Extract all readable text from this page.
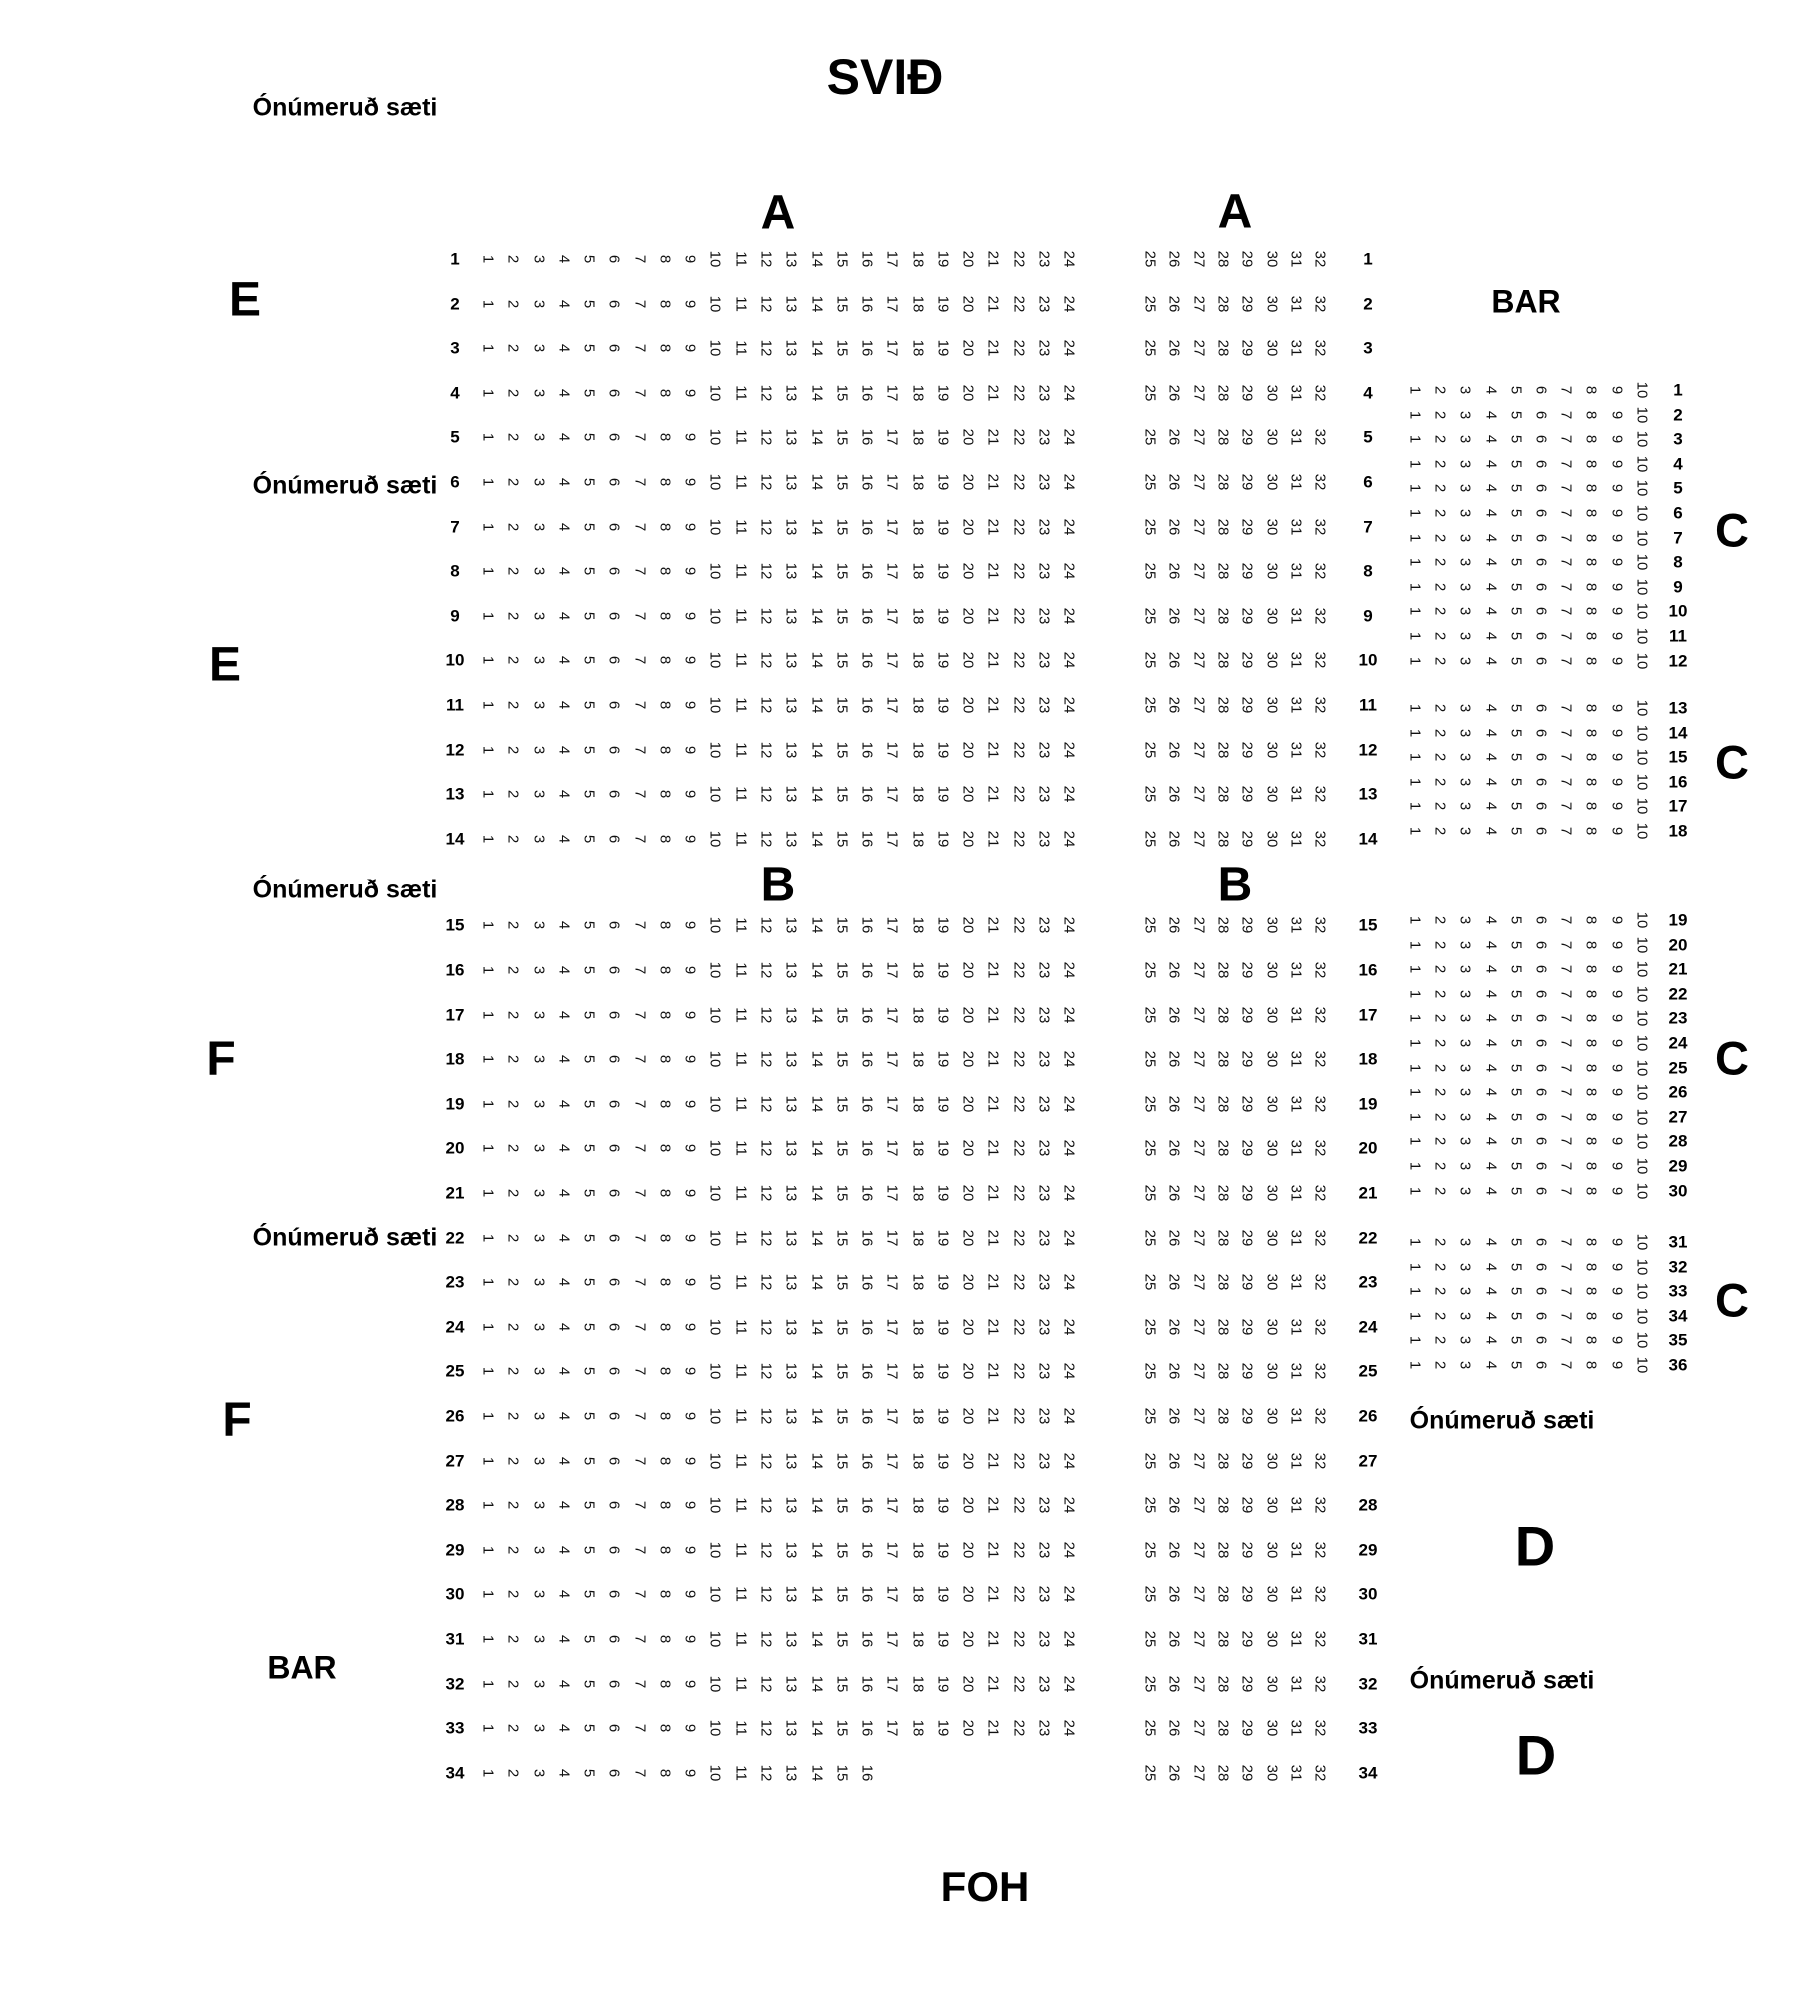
SVIÐ
Ónúmeruð sæti
Ónúmeruð sæti
Ónúmeruð sæti
Ónúmeruð sæti
Ónúmeruð sæti
Ónúmeruð sæti
A	A
B	B
C
C
C
C
D
D
E
E
F
F
BAR
BAR
FOH
1 1 2 3 4 5 6 7 8 9 10 11 12 13 14 15 16 17 18 19 20 21 22 23 24	25 26 27 28 29 30 31 32 1
2 1 2 3 4 5 6 7 8 9 10 11 12 13 14 15 16 17 18 19 20 21 22 23 24	25 26 27 28 29 30 31 32 2
3 1 2 3 4 5 6 7 8 9 10 11 12 13 14 15 16 17 18 19 20 21 22 23 24	25 26 27 28 29 30 31 32 3
4 1 2 3 4 5 6 7 8 9 10 11 12 13 14 15 16 17 18 19 20 21 22 23 24	25 26 27 28 29 30 31 32 4
5 1 2 3 4 5 6 7 8 9 10 11 12 13 14 15 16 17 18 19 20 21 22 23 24	25 26 27 28 29 30 31 32 5
6 1 2 3 4 5 6 7 8 9 10 11 12 13 14 15 16 17 18 19 20 21 22 23 24	25 26 27 28 29 30 31 32 6
7 1 2 3 4 5 6 7 8 9 10 11 12 13 14 15 16 17 18 19 20 21 22 23 24	25 26 27 28 29 30 31 32 7
8 1 2 3 4 5 6 7 8 9 10 11 12 13 14 15 16 17 18 19 20 21 22 23 24	25 26 27 28 29 30 31 32 8
9 1 2 3 4 5 6 7 8 9 10 11 12 13 14 15 16 17 18 19 20 21 22 23 24	25 26 27 28 29 30 31 32 9
10 1 2 3 4 5 6 7 8 9 10 11 12 13 14 15 16 17 18 19 20 21 22 23 24	25 26 27 28 29 30 31 32 10
11 1 2 3 4 5 6 7 8 9 10 11 12 13 14 15 16 17 18 19 20 21 22 23 24	25 26 27 28 29 30 31 32 11
12 1 2 3 4 5 6 7 8 9 10 11 12 13 14 15 16 17 18 19 20 21 22 23 24	25 26 27 28 29 30 31 32 12
13 1 2 3 4 5 6 7 8 9 10 11 12 13 14 15 16 17 18 19 20 21 22 23 24	25 26 27 28 29 30 31 32 13
14 1 2 3 4 5 6 7 8 9 10 11 12 13 14 15 16 17 18 19 20 21 22 23 24	25 26 27 28 29 30 31 32 14
15 1 2 3 4 5 6 7 8 9 10 11 12 13 14 15 16 17 18 19 20 21 22 23 24	25 26 27 28 29 30 31 32 15
16 1 2 3 4 5 6 7 8 9 10 11 12 13 14 15 16 17 18 19 20 21 22 23 24	25 26 27 28 29 30 31 32 16
17 1 2 3 4 5 6 7 8 9 10 11 12 13 14 15 16 17 18 19 20 21 22 23 24	25 26 27 28 29 30 31 32 17
18 1 2 3 4 5 6 7 8 9 10 11 12 13 14 15 16 17 18 19 20 21 22 23 24	25 26 27 28 29 30 31 32 18
19 1 2 3 4 5 6 7 8 9 10 11 12 13 14 15 16 17 18 19 20 21 22 23 24	25 26 27 28 29 30 31 32 19
20 1 2 3 4 5 6 7 8 9 10 11 12 13 14 15 16 17 18 19 20 21 22 23 24	25 26 27 28 29 30 31 32 20
21 1 2 3 4 5 6 7 8 9 10 11 12 13 14 15 16 17 18 19 20 21 22 23 24	25 26 27 28 29 30 31 32 21
22 1 2 3 4 5 6 7 8 9 10 11 12 13 14 15 16 17 18 19 20 21 22 23 24	25 26 27 28 29 30 31 32 22
23 1 2 3 4 5 6 7 8 9 10 11 12 13 14 15 16 17 18 19 20 21 22 23 24	25 26 27 28 29 30 31 32 23
24 1 2 3 4 5 6 7 8 9 10 11 12 13 14 15 16 17 18 19 20 21 22 23 24	25 26 27 28 29 30 31 32 24
25 1 2 3 4 5 6 7 8 9 10 11 12 13 14 15 16 17 18 19 20 21 22 23 24	25 26 27 28 29 30 31 32 25
26 1 2 3 4 5 6 7 8 9 10 11 12 13 14 15 16 17 18 19 20 21 22 23 24	25 26 27 28 29 30 31 32 26
27 1 2 3 4 5 6 7 8 9 10 11 12 13 14 15 16 17 18 19 20 21 22 23 24	25 26 27 28 29 30 31 32 27
28 1 2 3 4 5 6 7 8 9 10 11 12 13 14 15 16 17 18 19 20 21 22 23 24	25 26 27 28 29 30 31 32 28
29 1 2 3 4 5 6 7 8 9 10 11 12 13 14 15 16 17 18 19 20 21 22 23 24	25 26 27 28 29 30 31 32 29
30 1 2 3 4 5 6 7 8 9 10 11 12 13 14 15 16 17 18 19 20 21 22 23 24	25 26 27 28 29 30 31 32 30
31 1 2 3 4 5 6 7 8 9 10 11 12 13 14 15 16 17 18 19 20 21 22 23 24	25 26 27 28 29 30 31 32 31
32 1 2 3 4 5 6 7 8 9 10 11 12 13 14 15 16 17 18 19 20 21 22 23 24	25 26 27 28 29 30 31 32 32
33 1 2 3 4 5 6 7 8 9 10 11 12 13 14 15 16 17 18 19 20 21 22 23 24	25 26 27 28 29 30 31 32 33
34 1 2 3 4 5 6 7 8 9 10 11 12 13 14 15 16	25 26 27 28 29 30 31 32 34
1 2 3 4 5 6 7 8 9 10 1
1 2 3 4 5 6 7 8 9 10 2
1 2 3 4 5 6 7 8 9 10 3
1 2 3 4 5 6 7 8 9 10 4
1 2 3 4 5 6 7 8 9 10 5
1 2 3 4 5 6 7 8 9 10 6
1 2 3 4 5 6 7 8 9 10 7
1 2 3 4 5 6 7 8 9 10 8
1 2 3 4 5 6 7 8 9 10 9
1 2 3 4 5 6 7 8 9 10 10
1 2 3 4 5 6 7 8 9 10 11
1 2 3 4 5 6 7 8 9 10 12
1 2 3 4 5 6 7 8 9 10 13
1 2 3 4 5 6 7 8 9 10 14
1 2 3 4 5 6 7 8 9 10 15
1 2 3 4 5 6 7 8 9 10 16
1 2 3 4 5 6 7 8 9 10 17
1 2 3 4 5 6 7 8 9 10 18
1 2 3 4 5 6 7 8 9 10 19
1 2 3 4 5 6 7 8 9 10 20
1 2 3 4 5 6 7 8 9 10 21
1 2 3 4 5 6 7 8 9 10 22
1 2 3 4 5 6 7 8 9 10 23
1 2 3 4 5 6 7 8 9 10 24
1 2 3 4 5 6 7 8 9 10 25
1 2 3 4 5 6 7 8 9 10 26
1 2 3 4 5 6 7 8 9 10 27
1 2 3 4 5 6 7 8 9 10 28
1 2 3 4 5 6 7 8 9 10 29
1 2 3 4 5 6 7 8 9 10 30
1 2 3 4 5 6 7 8 9 10 31
1 2 3 4 5 6 7 8 9 10 32
1 2 3 4 5 6 7 8 9 10 33
1 2 3 4 5 6 7 8 9 10 34
1 2 3 4 5 6 7 8 9 10 35
1 2 3 4 5 6 7 8 9 10 36
